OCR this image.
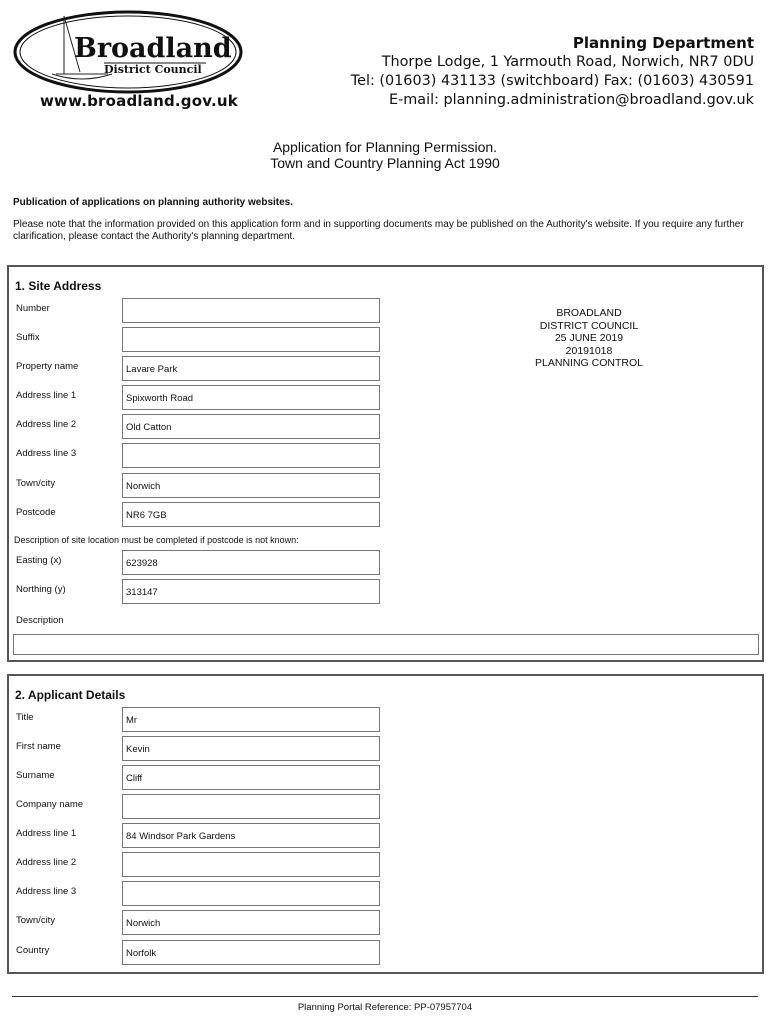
Broadland
District Council
www.broadland.gov.uk
Planning Department
Thorpe Lodge, 1 Yarmouth Road, Norwich, NR7 0DU
Tel: (01603) 431133 (switchboard) Fax: (01603) 430591
E-mail: planning.administration@broadland.gov.uk
Application for Planning Permission.
Town and Country Planning Act 1990
Publication of applications on planning authority websites.
Please note that the information provided on this application form and in supporting documents may be published on the Authority's website. If you require any further clarification, please contact the Authority's planning department.
1. Site Address
Number
Suffix
Property name	Lavare Park
Address line 1	Spixworth Road
Address line 2	Old Catton
Address line 3
Town/city	Norwich
Postcode	NR6 7GB
Description of site location must be completed if postcode is not known:
Easting (x)	623928
Northing (y)	313147
Description
BROADLAND
DISTRICT COUNCIL
25 JUNE 2019
20191018
PLANNING CONTROL
2. Applicant Details
Title	Mr
First name	Kevin
Surname	Cliff
Company name
Address line 1	84 Windsor Park Gardens
Address line 2
Address line 3
Town/city	Norwich
Country	Norfolk
Planning Portal Reference: PP-07957704
